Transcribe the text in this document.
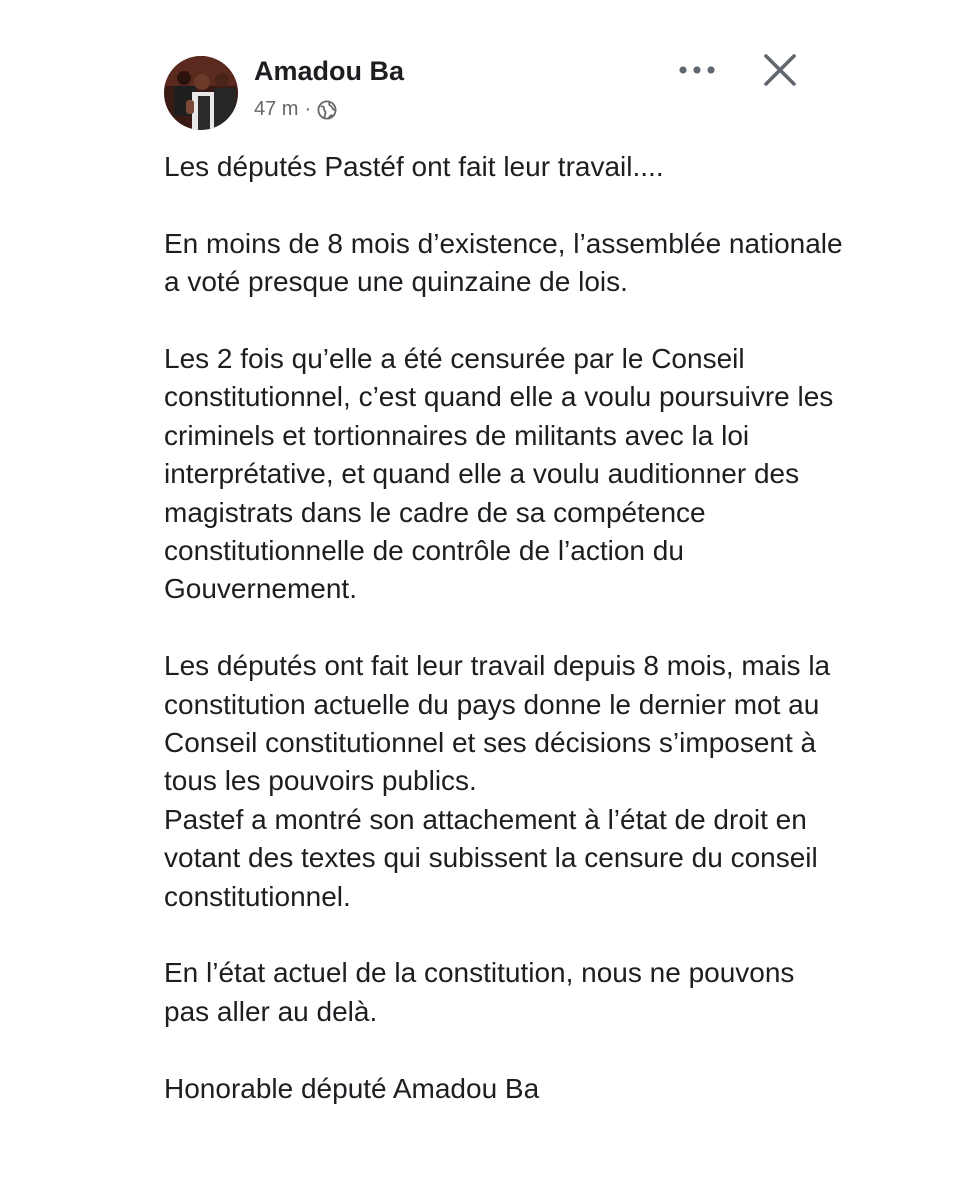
Amadou Ba
47 m ·

Les députés Pastéf ont fait leur travail....

En moins de 8 mois d’existence, l’assemblée nationale a voté presque une quinzaine de lois.

Les 2 fois qu’elle a été censurée par le Conseil constitutionnel, c’est quand elle a voulu poursuivre les criminels et tortionnaires de militants avec la loi interprétative, et quand elle a voulu auditionner des magistrats dans le cadre de sa compétence constitutionnelle de contrôle de l’action du Gouvernement.

Les députés ont fait leur travail depuis 8 mois, mais la constitution actuelle du pays donne le dernier mot au Conseil constitutionnel et ses décisions s’imposent à tous les pouvoirs publics.

Pastef a montré son attachement à l’état de droit en votant des textes qui subissent la censure du conseil constitutionnel.

En l’état actuel de la constitution, nous ne pouvons pas aller au delà.

Honorable député Amadou Ba
